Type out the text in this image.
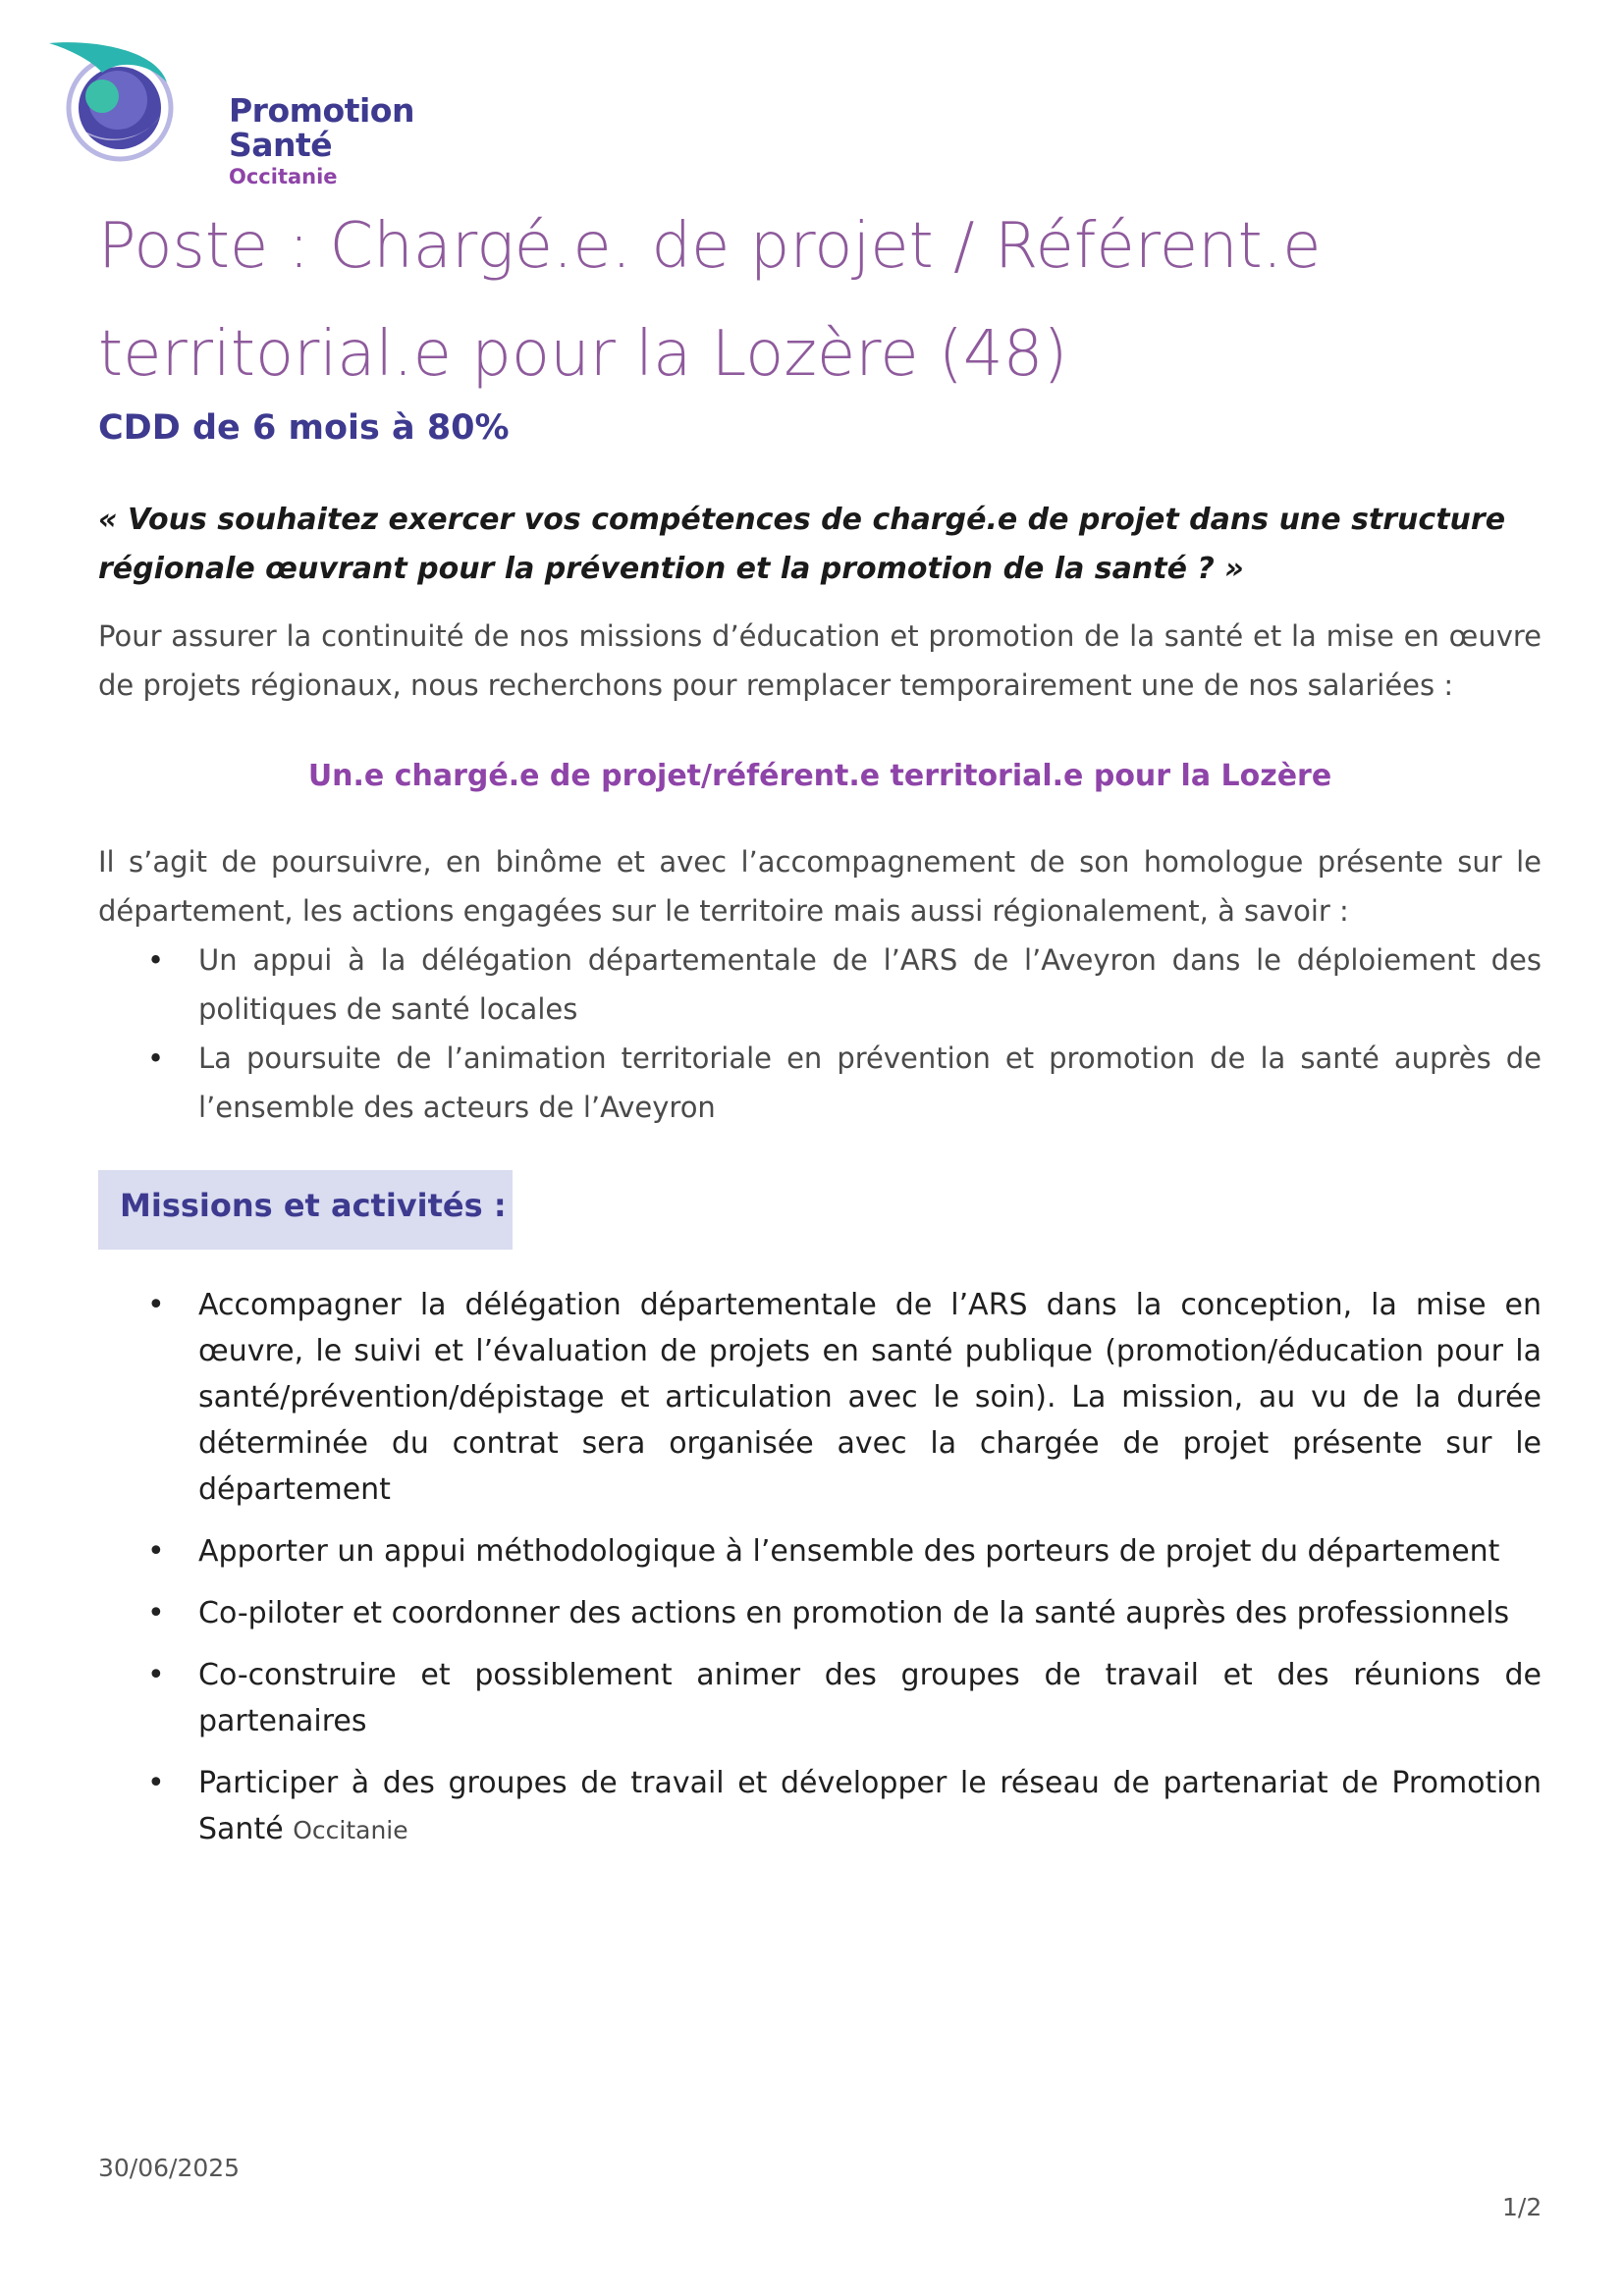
Promotion
Santé
Occitanie
Poste : Chargé.e. de projet / Référent.e territorial.e pour la Lozère (48)

CDD de 6 mois à 80%

« Vous souhaitez exercer vos compétences de chargé.e de projet dans une structure régionale œuvrant pour la prévention et la promotion de la santé ? »

Pour assurer la continuité de nos missions d’éducation et promotion de la santé et la mise en œuvre de projets régionaux, nous recherchons pour remplacer temporairement une de nos salariées :

Un.e chargé.e de projet/référent.e territorial.e pour la Lozère

Il s’agit de poursuivre, en binôme et avec l’accompagnement de son homologue présente sur le département, les actions engagées sur le territoire mais aussi régionalement, à savoir :

• Un appui à la délégation départementale de l’ARS de l’Aveyron dans le déploiement des politiques de santé locales
• La poursuite de l’animation territoriale en prévention et promotion de la santé auprès de l’ensemble des acteurs de l’Aveyron

Missions et activités :

• Accompagner la délégation départementale de l’ARS dans la conception, la mise en œuvre, le suivi et l’évaluation de projets en santé publique (promotion/éducation pour la santé/prévention/dépistage et articulation avec le soin). La mission, au vu de la durée déterminée du contrat sera organisée avec la chargée de projet présente sur le département
• Apporter un appui méthodologique à l’ensemble des porteurs de projet du département
• Co-piloter et coordonner des actions en promotion de la santé auprès des professionnels
• Co-construire et possiblement animer des groupes de travail et des réunions de partenaires
• Participer à des groupes de travail et développer le réseau de partenariat de Promotion Santé Occitanie
30/06/2025
1/2
